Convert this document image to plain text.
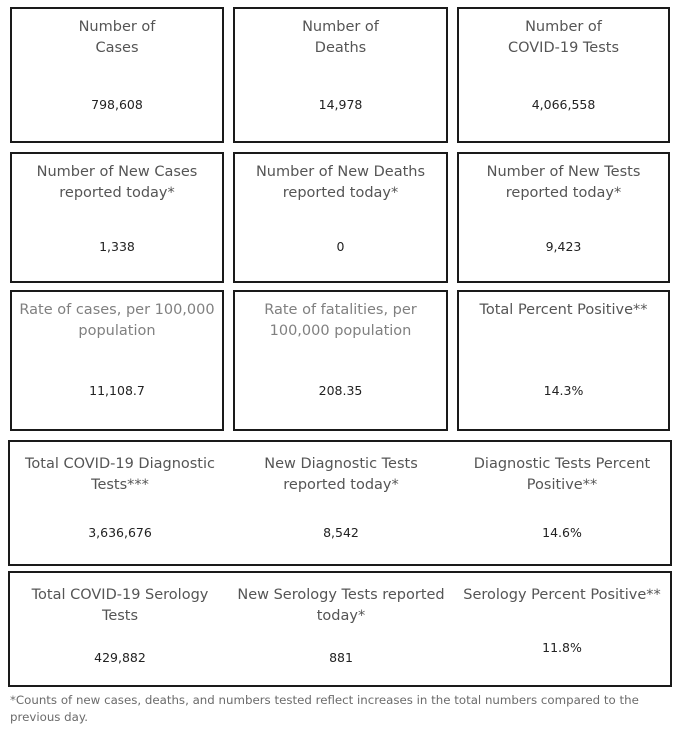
Number of
Cases
798,608
Number of
Deaths
14,978
Number of
COVID-19 Tests
4,066,558
Number of New Cases
reported today*
1,338
Number of New Deaths
reported today*
0
Number of New Tests
reported today*
9,423
Rate of cases, per 100,000
population
11,108.7
Rate of fatalities, per
100,000 population
208.35
Total Percent Positive**
14.3%
Total COVID-19 Diagnostic
Tests***
3,636,676
New Diagnostic Tests
reported today*
8,542
Diagnostic Tests Percent
Positive**
14.6%
Total COVID-19 Serology
Tests
429,882
New Serology Tests reported
today*
881
Serology Percent Positive**
11.8%
*Counts of new cases, deaths, and numbers tested reflect increases in the total numbers compared to the previous day.
